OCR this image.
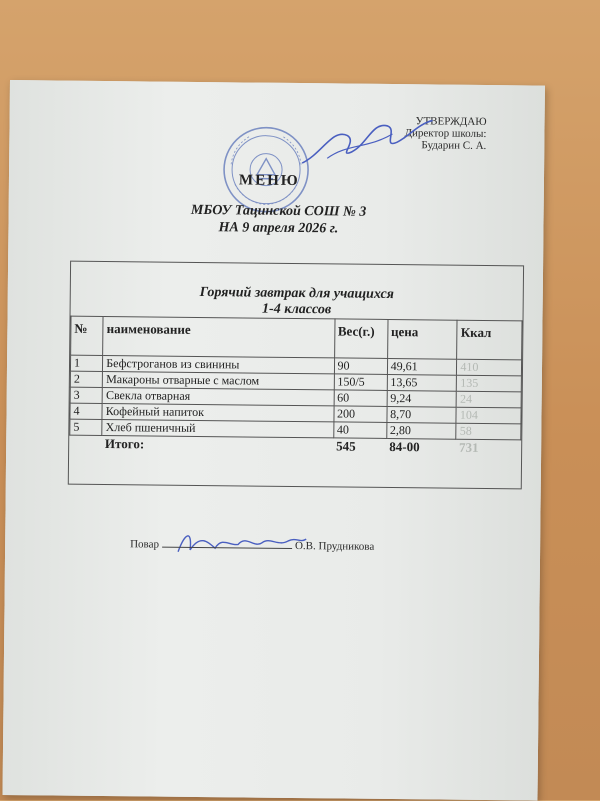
УТВЕРЖДАЮ
Директор школы:
Бударин С. А.
МЕНЮ
МБОУ Тацинской СОШ № 3
НА 9 апреля 2026 г.
Горячий завтрак для учащихся
1-4 классов
№	наименование	Вес(г.)	цена	Ккал
1	Бефстроганов из свинины	90	49,61	410
2	Макароны отварные с маслом	150/5	13,65	135
3	Свекла отварная	60	9,24	24
4	Кофейный напиток	200	8,70	104
5	Хлеб пшеничный	40	2,80	58
	Итого:	545	84-00	731
Повар	О.В. Прудникова
